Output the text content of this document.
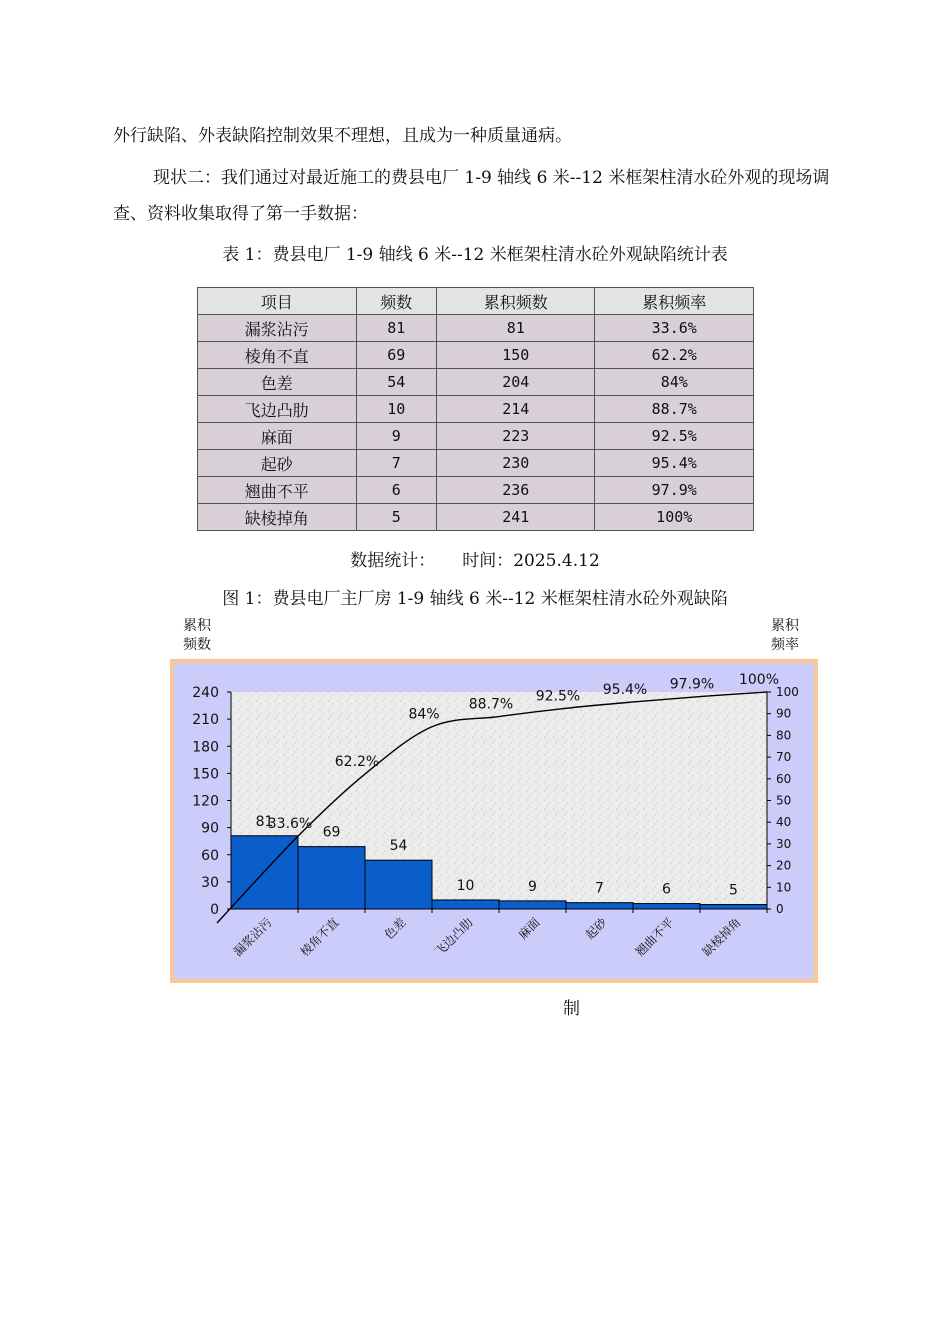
外行缺陷、外表缺陷控制效果不理想，且成为一种质量通病。

现状二：我们通过对最近施工的费县电厂 1-9 轴线 6 米--12 米框架柱清水砼外观的现场调查、资料收集取得了第一手数据：

表 1：费县电厂 1-9 轴线 6 米--12 米框架柱清水砼外观缺陷统计表
项目	频数	累积频数	累积频率
漏浆沾污	81	81	33.6%
棱角不直	69	150	62.2%
色差	54	204	84%
飞边凸肋	10	214	88.7%
麻面	9	223	92.5%
起砂	7	230	95.4%
翘曲不平	6	236	97.9%
缺棱掉角	5	241	100%
数据统计：     时间：2025.4.12
图 1：费县电厂主厂房 1-9 轴线 6 米--12 米框架柱清水砼外观缺陷
累积
频数
累积
频率
0
30
60
90
120
150
180
210
240
0
10
20
30
40
50
60
70
80
90
100
漏浆沾污 棱角不直	色差 飞边凸肋	麻面	起砂 翘曲不平 缺棱掉角
81
69
54
10	9	7	6	5
33.6%
62.2%
84%
88.7%
92.5% 95.4% 97.9% 100%
制
